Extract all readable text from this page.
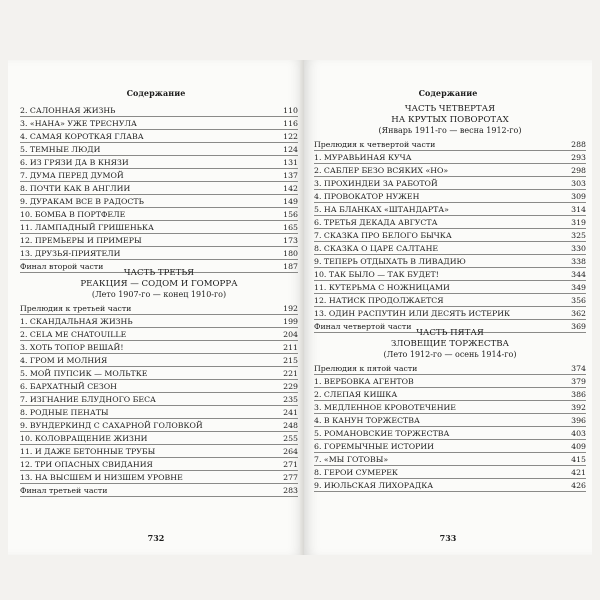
Содержание
2. САЛОННАЯ ЖИЗНЬ	110
3. «НАНА» УЖЕ ТРЕСНУЛА	116
4. САМАЯ КОРОТКАЯ ГЛАВА	122
5. ТЕМНЫЕ ЛЮДИ	124
6. ИЗ ГРЯЗИ ДА В КНЯЗИ	131
7. ДУМА ПЕРЕД ДУМОЙ	137
8. ПОЧТИ КАК В АНГЛИИ	142
9. ДУРАКАМ ВСЕ В РАДОСТЬ	149
10. БОМБА В ПОРТФЕЛЕ	156
11. ЛАМПАДНЫЙ ГРИШЕНЬКА	165
12. ПРЕМЬЕРЫ И ПРИМЕРЫ	173
13. ДРУЗЬЯ-ПРИЯТЕЛИ	180
Финал второй части	187
ЧАСТЬ ТРЕТЬЯ
РЕАКЦИЯ — СОДОМ И ГОМОРРА
(Лето 1907-го — конец 1910-го)
Прелюдия к третьей части	192
1. СКАНДАЛЬНАЯ ЖИЗНЬ	199
2. CELA ME CHATOUILLE	204
3. ХОТЬ ТОПОР ВЕШАЙ!	211
4. ГРОМ И МОЛНИЯ	215
5. МОЙ ПУПСИК — МОЛЬТКЕ	221
6. БАРХАТНЫЙ СЕЗОН	229
7. ИЗГНАНИЕ БЛУДНОГО БЕСА	235
8. РОДНЫЕ ПЕНАТЫ	241
9. ВУНДЕРКИНД С САХАРНОЙ ГОЛОВКОЙ	248
10. КОЛОВРАЩЕНИЕ ЖИЗНИ	255
11. И ДАЖЕ БЕТОННЫЕ ТРУБЫ	264
12. ТРИ ОПАСНЫХ СВИДАНИЯ	271
13. НА ВЫСШЕМ И НИЗШЕМ УРОВНЕ	277
Финал третьей части	283
732
Содержание
ЧАСТЬ ЧЕТВЕРТАЯ
НА КРУТЫХ ПОВОРОТАХ
(Январь 1911-го — весна 1912-го)
Прелюдия к четвертой части	288
1. МУРАВЬИНАЯ КУЧА	293
2. САБЛЕР БЕЗО ВСЯКИХ «НО»	298
3. ПРОХИНДЕИ ЗА РАБОТОЙ	303
4. ПРОВОКАТОР НУЖЕН	309
5. НА БЛАНКАХ «ШТАНДАРТА»	314
6. ТРЕТЬЯ ДЕКАДА АВГУСТА	319
7. СКАЗКА ПРО БЕЛОГО БЫЧКА	325
8. СКАЗКА О ЦАРЕ САЛТАНЕ	330
9. ТЕПЕРЬ ОТДЫХАТЬ В ЛИВАДИЮ	338
10. ТАК БЫЛО — ТАК БУДЕТ!	344
11. КУТЕРЬМА С НОЖНИЦАМИ	349
12. НАТИСК ПРОДОЛЖАЕТСЯ	356
13. ОДИН РАСПУТИН ИЛИ ДЕСЯТЬ ИСТЕРИК	362
Финал четвертой части	369
ЧАСТЬ ПЯТАЯ
ЗЛОВЕЩИЕ ТОРЖЕСТВА
(Лето 1912-го — осень 1914-го)
Прелюдия к пятой части	374
1. ВЕРБОВКА АГЕНТОВ	379
2. СЛЕПАЯ КИШКА	386
3. МЕДЛЕННОЕ КРОВОТЕЧЕНИЕ	392
4. В КАНУН ТОРЖЕСТВА	396
5. РОМАНОВСКИЕ ТОРЖЕСТВА	403
6. ГОРЕМЫЧНЫЕ ИСТОРИИ	409
7. «МЫ ГОТОВЫ»	415
8. ГЕРОИ СУМЕРЕК	421
9. ИЮЛЬСКАЯ ЛИХОРАДКА	426
733
